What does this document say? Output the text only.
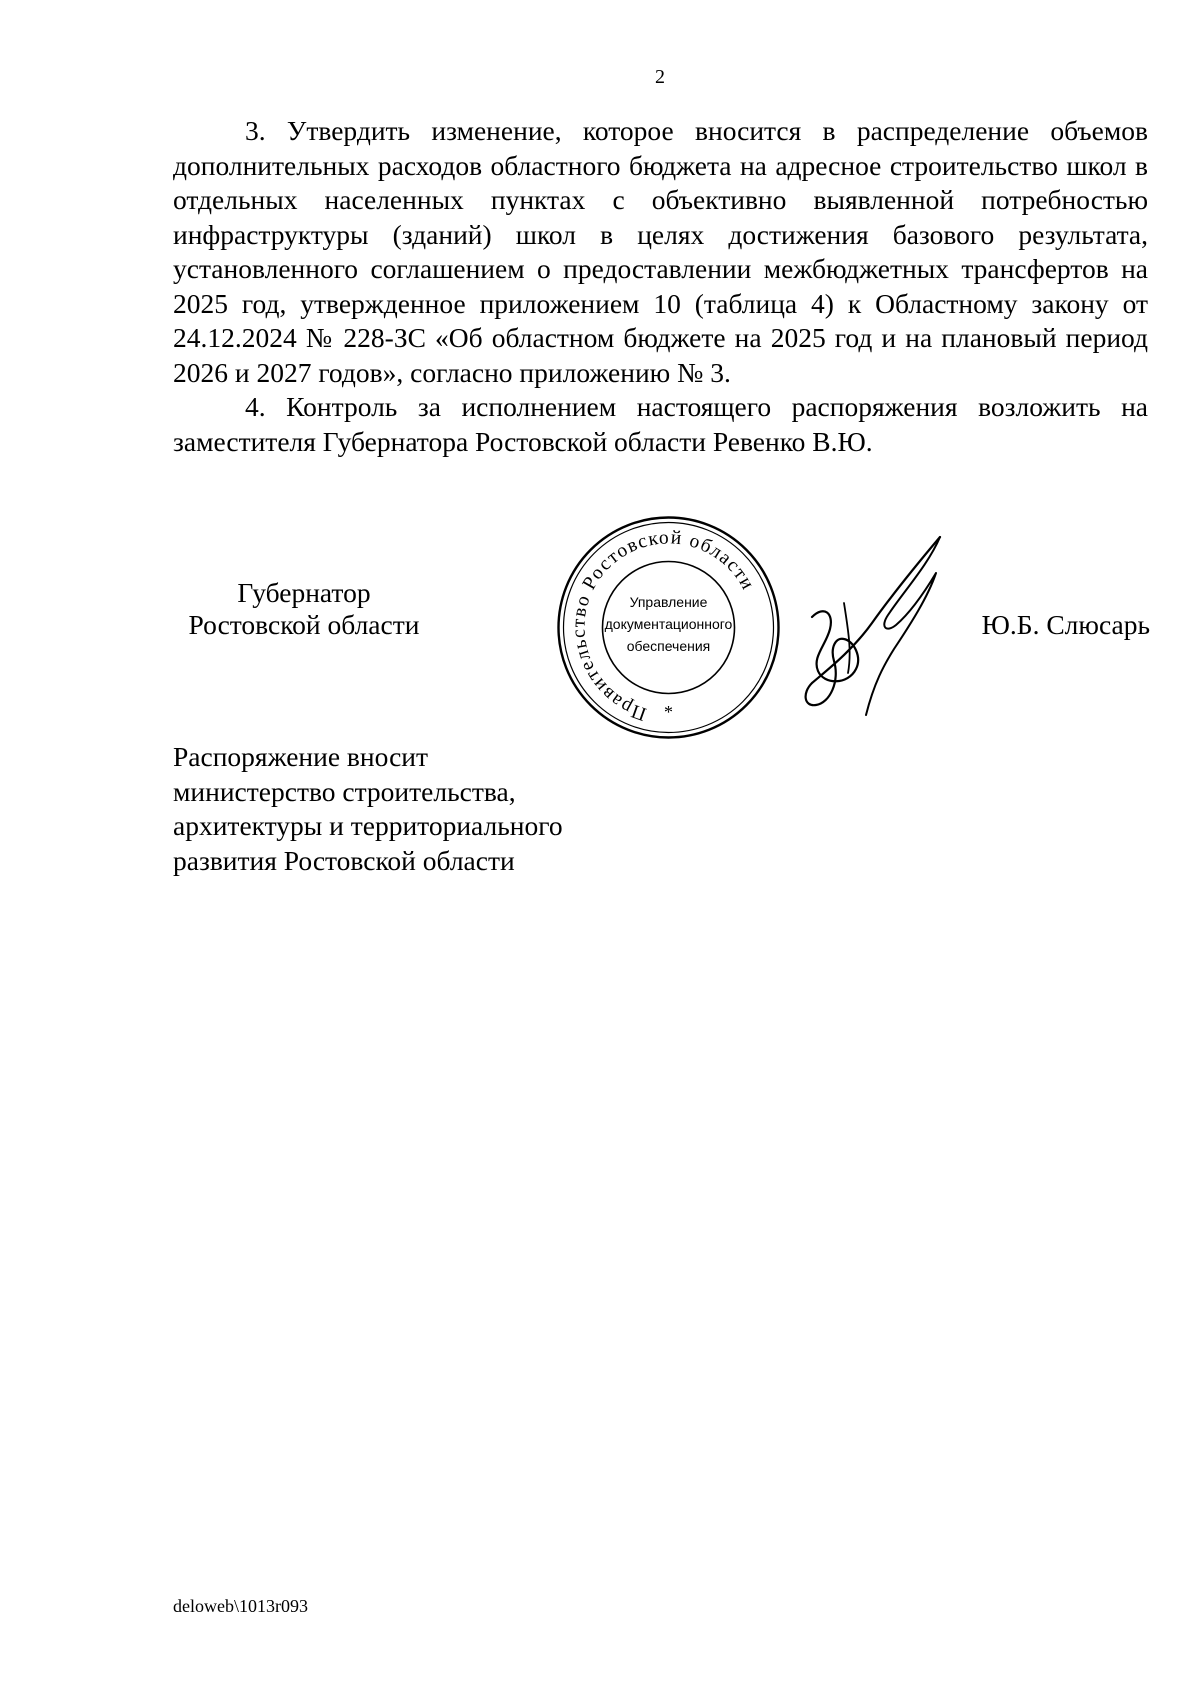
2

3. Утвердить изменение, которое вносится в распределение объемов дополнительных расходов областного бюджета на адресное строительство школ в отдельных населенных пунктах с объективно выявленной потребностью инфраструктуры (зданий) школ в целях достижения базового результата, установленного соглашением о предоставлении межбюджетных трансфертов на 2025 год, утвержденное приложением 10 (таблица 4) к Областному закону от 24.12.2024 № 228-ЗС «Об областном бюджете на 2025 год и на плановый период 2026 и 2027 годов», согласно приложению № 3.

4. Контроль за исполнением настоящего распоряжения возложить на заместителя Губернатора Ростовской области Ревенко В.Ю.

Губернатор
Ростовской области
Правительство Ростовской области
Управление
документационного
обеспечения
*
Ю.Б. Слюсарь
Распоряжение вносит
министерство строительства,
архитектуры и территориального
развития Ростовской области
deloweb\1013r093
